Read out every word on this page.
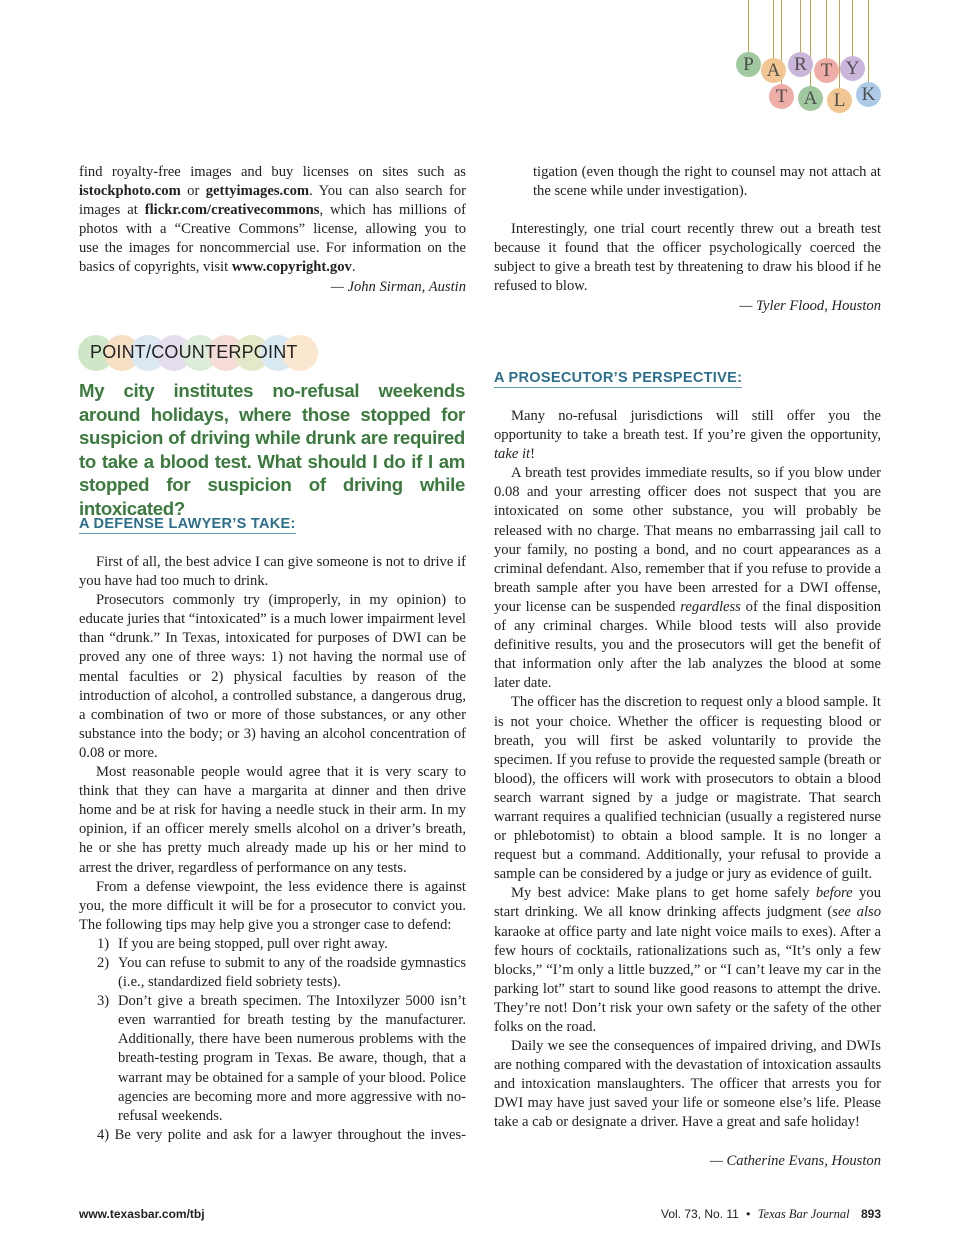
P A R T Y
T A L K
find royalty-free images and buy licenses on sites such as
istockphoto.com or gettyimages.com. You can also search for
images at flickr.com/creativecommons, which has millions of
photos with a “Creative Commons” license, allowing you to
use the images for noncommercial use. For information on the
basics of copyrights, visit www.copyright.gov.
— John Sirman, Austin

tigation (even though the right to counsel may not attach at the scene while under investigation).

Interestingly, one trial court recently threw out a breath test because it found that the officer psychologically coerced the subject to give a breath test by threatening to draw his blood if he refused to blow.

— Tyler Flood, Houston
POINT/COUNTERPOINT
My city institutes no-refusal weekends around holidays, where those stopped for suspicion of driving while drunk are required to take a blood test. What should I do if I am stopped for suspicion of driving while intoxicated?
A DEFENSE LAWYER’S TAKE:

First of all, the best advice I can give someone is not to drive if you have had too much to drink.

Prosecutors commonly try (improperly, in my opinion) to educate juries that “intoxicated” is a much lower impairment level than “drunk.” In Texas, intoxicated for purposes of DWI can be proved any one of three ways: 1) not having the normal use of mental faculties or 2) physical faculties by reason of the introduction of alcohol, a controlled substance, a dangerous drug, a combination of two or more of those substances, or any other substance into the body; or 3) having an alcohol concentration of 0.08 or more.

Most reasonable people would agree that it is very scary to think that they can have a margarita at dinner and then drive home and be at risk for having a needle stuck in their arm. In my opinion, if an officer merely smells alcohol on a driver’s breath, he or she has pretty much already made up his or her mind to arrest the driver, regardless of performance on any tests.

From a defense viewpoint, the less evidence there is against you, the more difficult it will be for a prosecutor to convict you. The following tips may help give you a stronger case to defend:

1) If you are being stopped, pull over right away.
2) You can refuse to submit to any of the roadside gymnastics (i.e., standardized field sobriety tests).
3) Don’t give a breath specimen. The Intoxilyzer 5000 isn’t even warrantied for breath testing by the manufacturer. Additionally, there have been numerous problems with the breath-testing program in Texas. Be aware, though, that a warrant may be obtained for a sample of your blood. Police agencies are becoming more and more aggressive with no-refusal weekends.

4) Be very polite and ask for a lawyer throughout the inves-

A PROSECUTOR’S PERSPECTIVE:

Many no-refusal jurisdictions will still offer you the opportunity to take a breath test. If you’re given the opportunity, take it!

A breath test provides immediate results, so if you blow under 0.08 and your arresting officer does not suspect that you are intoxicated on some other substance, you will probably be released with no charge. That means no embarrassing jail call to your family, no posting a bond, and no court appearances as a criminal defendant. Also, remember that if you refuse to provide a breath sample after you have been arrested for a DWI offense, your license can be suspended regardless of the final disposition of any criminal charges. While blood tests will also provide definitive results, you and the prosecutors will get the benefit of that information only after the lab analyzes the blood at some later date.

The officer has the discretion to request only a blood sample. It is not your choice. Whether the officer is requesting blood or breath, you will first be asked voluntarily to provide the specimen. If you refuse to provide the requested sample (breath or blood), the officers will work with prosecutors to obtain a blood search warrant signed by a judge or magistrate. That search warrant requires a qualified technician (usually a registered nurse or phlebotomist) to obtain a blood sample. It is no longer a request but a command. Additionally, your refusal to provide a sample can be considered by a judge or jury as evidence of guilt.

My best advice: Make plans to get home safely before you start drinking. We all know drinking affects judgment (see also karaoke at office party and late night voice mails to exes). After a few hours of cocktails, rationalizations such as, “It’s only a few blocks,” “I’m only a little buzzed,” or “I can’t leave my car in the parking lot” start to sound like good reasons to attempt the drive. They’re not! Don’t risk your own safety or the safety of the other folks on the road.

Daily we see the consequences of impaired driving, and DWIs are nothing compared with the devastation of intoxication assaults and intoxication manslaughters. The officer that arrests you for DWI may have just saved your life or someone else’s life. Please take a cab or designate a driver. Have a great and safe holiday!

— Catherine Evans, Houston
www.texasbar.com/tbj	Vol. 73, No. 11 • Texas Bar Journal 893
